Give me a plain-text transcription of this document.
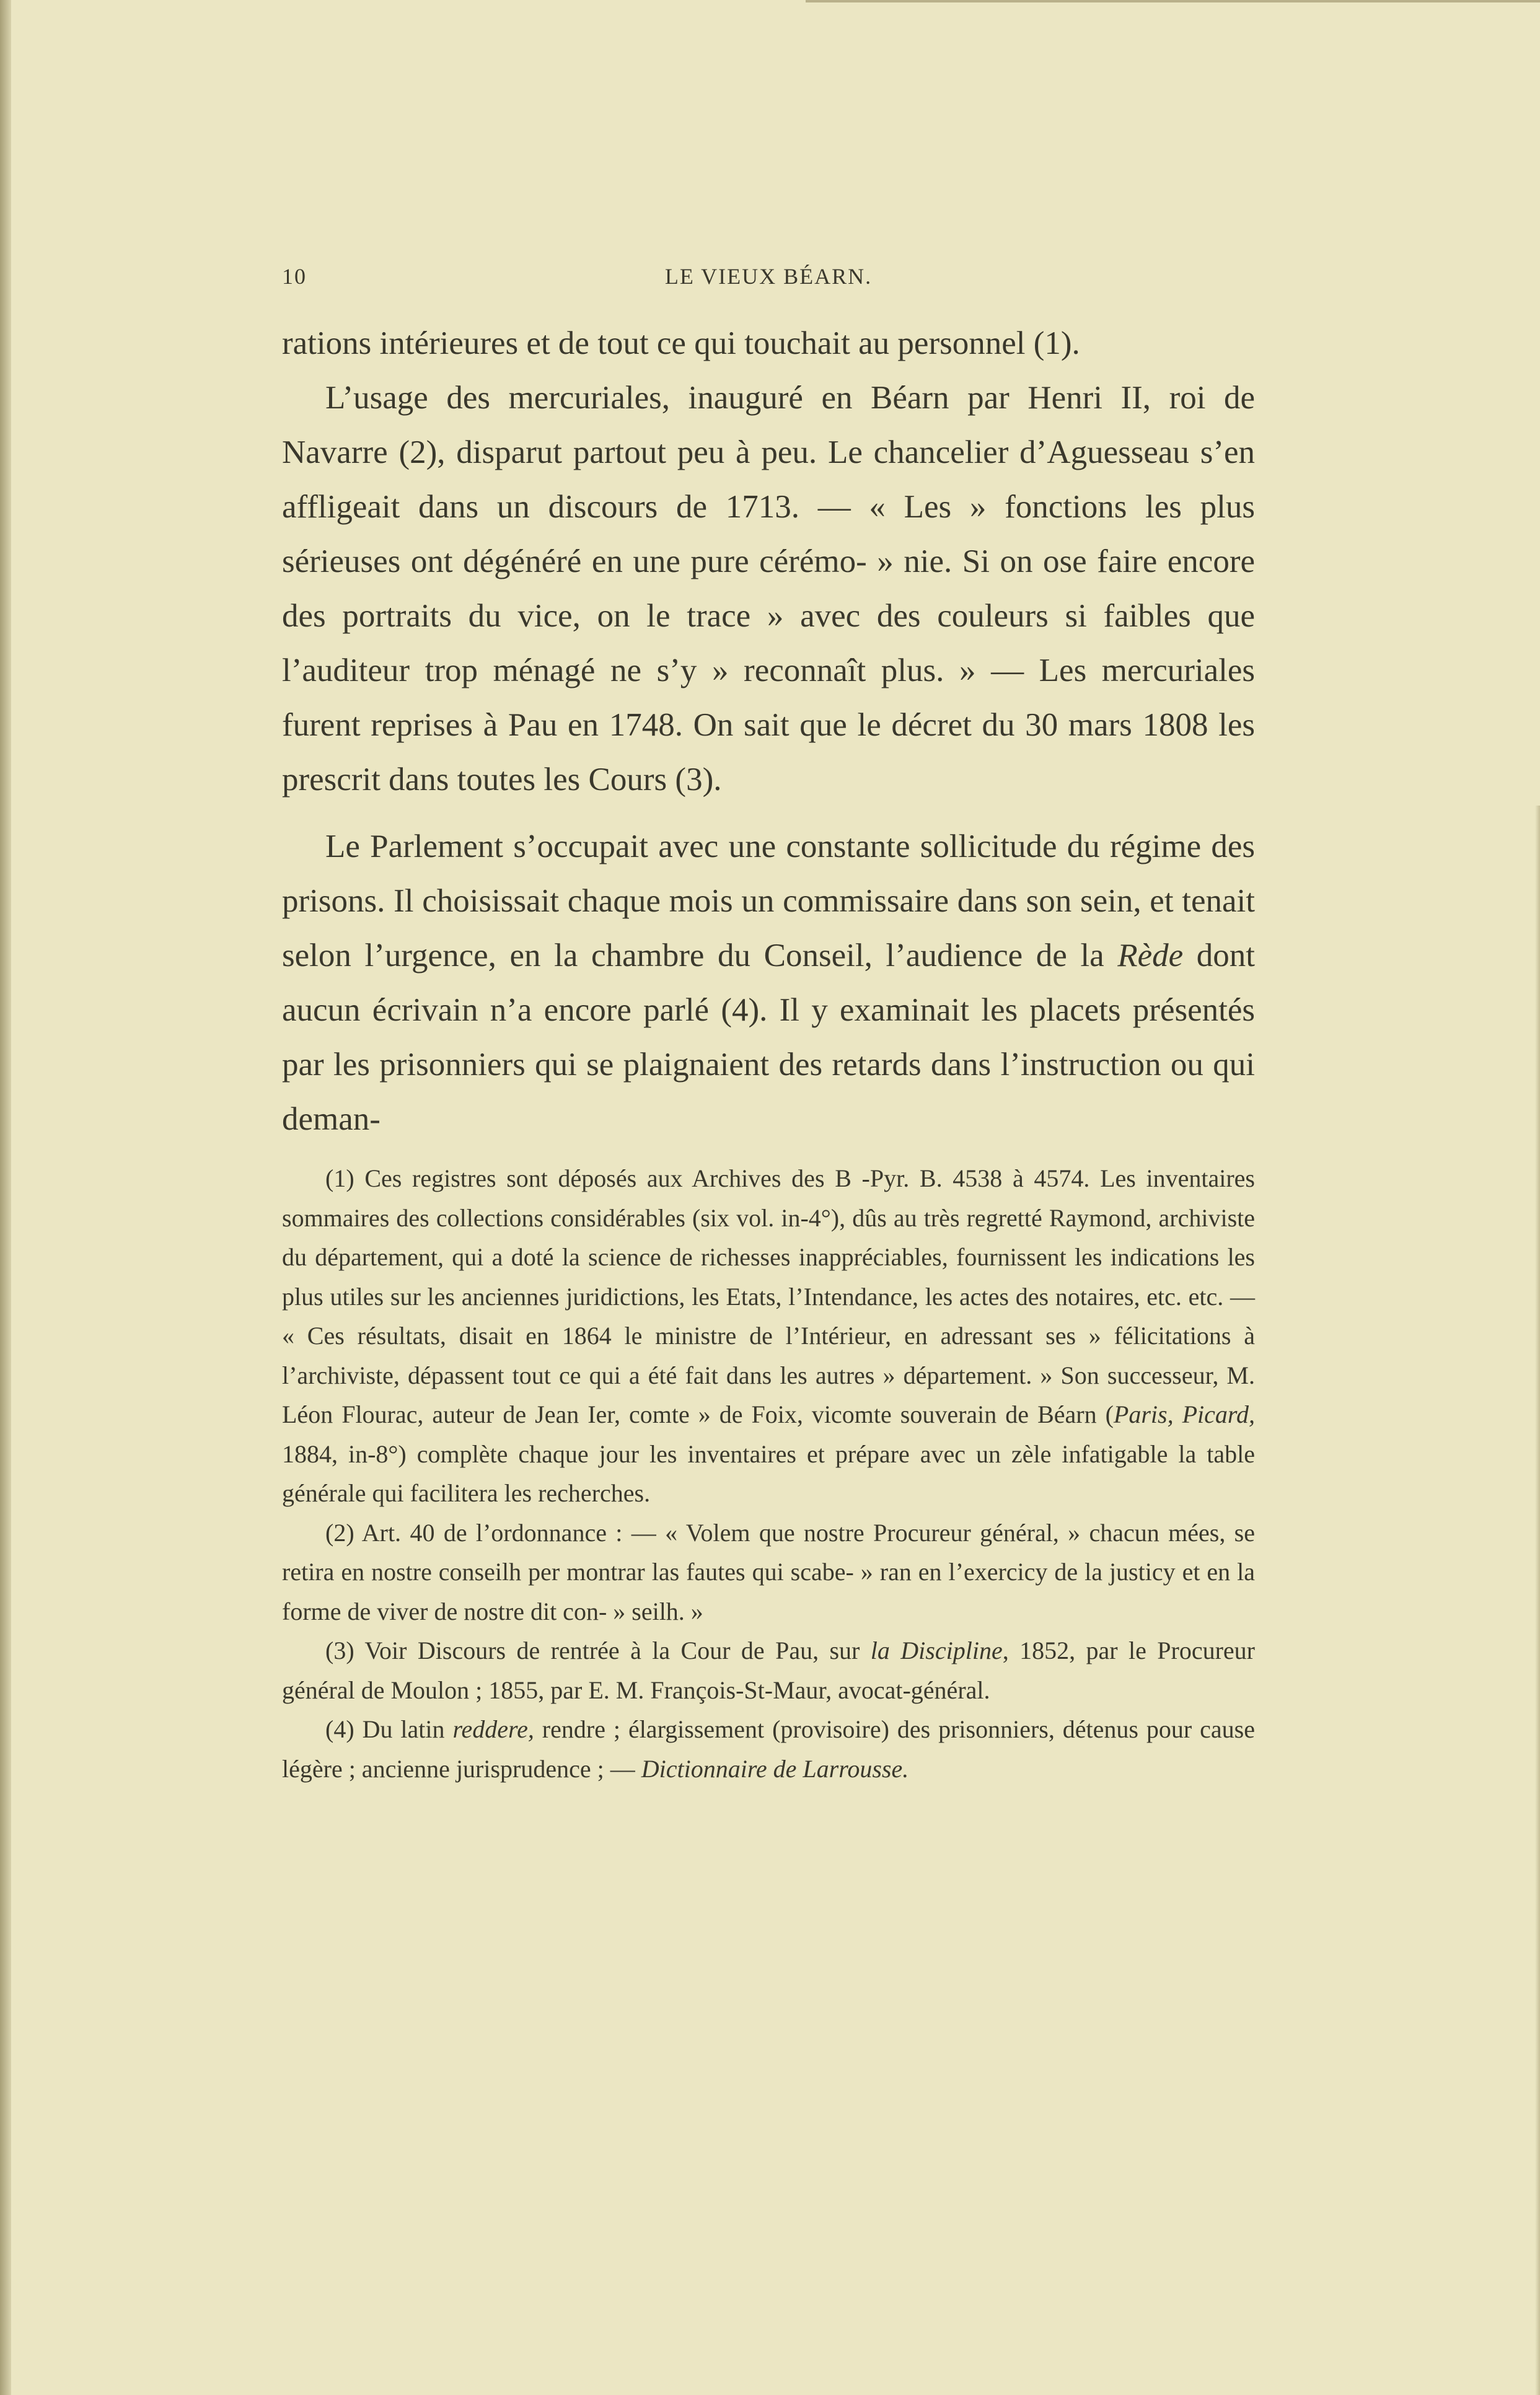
10	LE VIEUX BÉARN.

rations intérieures et de tout ce qui touchait au personnel (1).

L’usage des mercuriales, inauguré en Béarn par Henri II, roi de Navarre (2), disparut partout peu à peu. Le chancelier d’Aguesseau s’en affligeait dans un discours de 1713. — « Les » fonctions les plus sérieuses ont dégénéré en une pure cérémo- » nie. Si on ose faire encore des portraits du vice, on le trace » avec des couleurs si faibles que l’auditeur trop ménagé ne s’y » reconnaît plus. » — Les mercuriales furent reprises à Pau en 1748. On sait que le décret du 30 mars 1808 les prescrit dans toutes les Cours (3).

Le Parlement s’occupait avec une constante sollicitude du régime des prisons. Il choisissait chaque mois un commissaire dans son sein, et tenait selon l’urgence, en la chambre du Conseil, l’audience de la Rède dont aucun écrivain n’a encore parlé (4). Il y examinait les placets présentés par les prisonniers qui se plaignaient des retards dans l’instruction ou qui deman-

(1) Ces registres sont déposés aux Archives des B -Pyr. B. 4538 à 4574. Les inventaires sommaires des collections considérables (six vol. in-4°), dûs au très regretté Raymond, archiviste du département, qui a doté la science de richesses inappréciables, fournissent les indications les plus utiles sur les anciennes juridictions, les Etats, l’Intendance, les actes des notaires, etc. etc. — « Ces résultats, disait en 1864 le ministre de l’Intérieur, en adressant ses » félicitations à l’archiviste, dépassent tout ce qui a été fait dans les autres » département. » Son successeur, M. Léon Flourac, auteur de Jean Ier, comte » de Foix, vicomte souverain de Béarn (Paris, Picard, 1884, in-8°) complète chaque jour les inventaires et prépare avec un zèle infatigable la table générale qui facilitera les recherches.

(2) Art. 40 de l’ordonnance : — « Volem que nostre Procureur général, » chacun mées, se retira en nostre conseilh per montrar las fautes qui scabe- » ran en l’exercicy de la justicy et en la forme de viver de nostre dit con- » seilh. »

(3) Voir Discours de rentrée à la Cour de Pau, sur la Discipline, 1852, par le Procureur général de Moulon ; 1855, par E. M. François-St-Maur, avocat-général.

(4) Du latin reddere, rendre ; élargissement (provisoire) des prisonniers, détenus pour cause légère ; ancienne jurisprudence ; — Dictionnaire de Larrousse.
